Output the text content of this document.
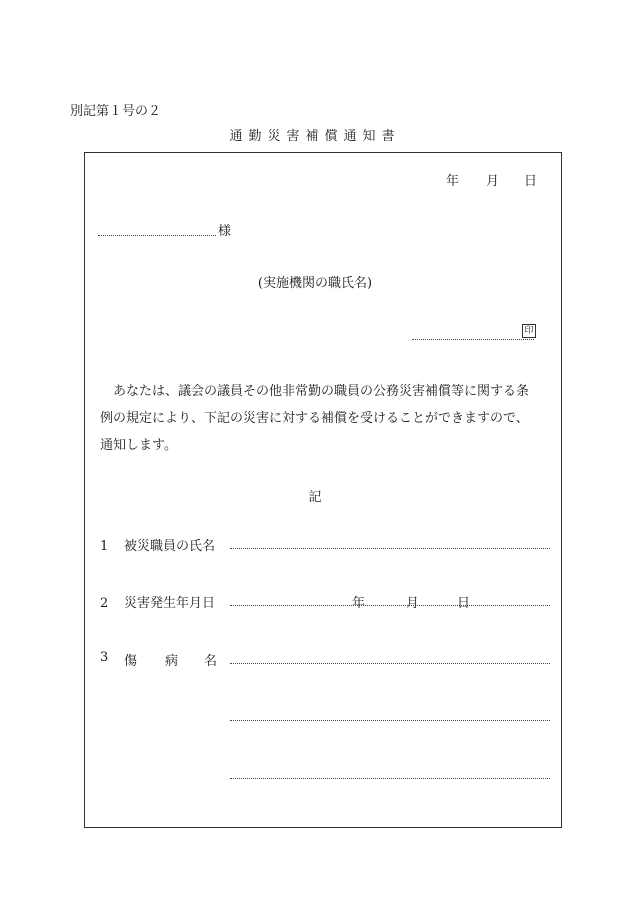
別記第１号の２
通勤災害補償通知書
年 月 日
様
(実施機関の職氏名)
印
あなたは、議会の議員その他非常勤の職員の公務災害補償等に関する条
例の規定により、下記の災害に対する補償を受けることができますので、
通知します。
記
1 被災職員の氏名
2 災害発生年月日	年	月	日
3 傷 病 名
